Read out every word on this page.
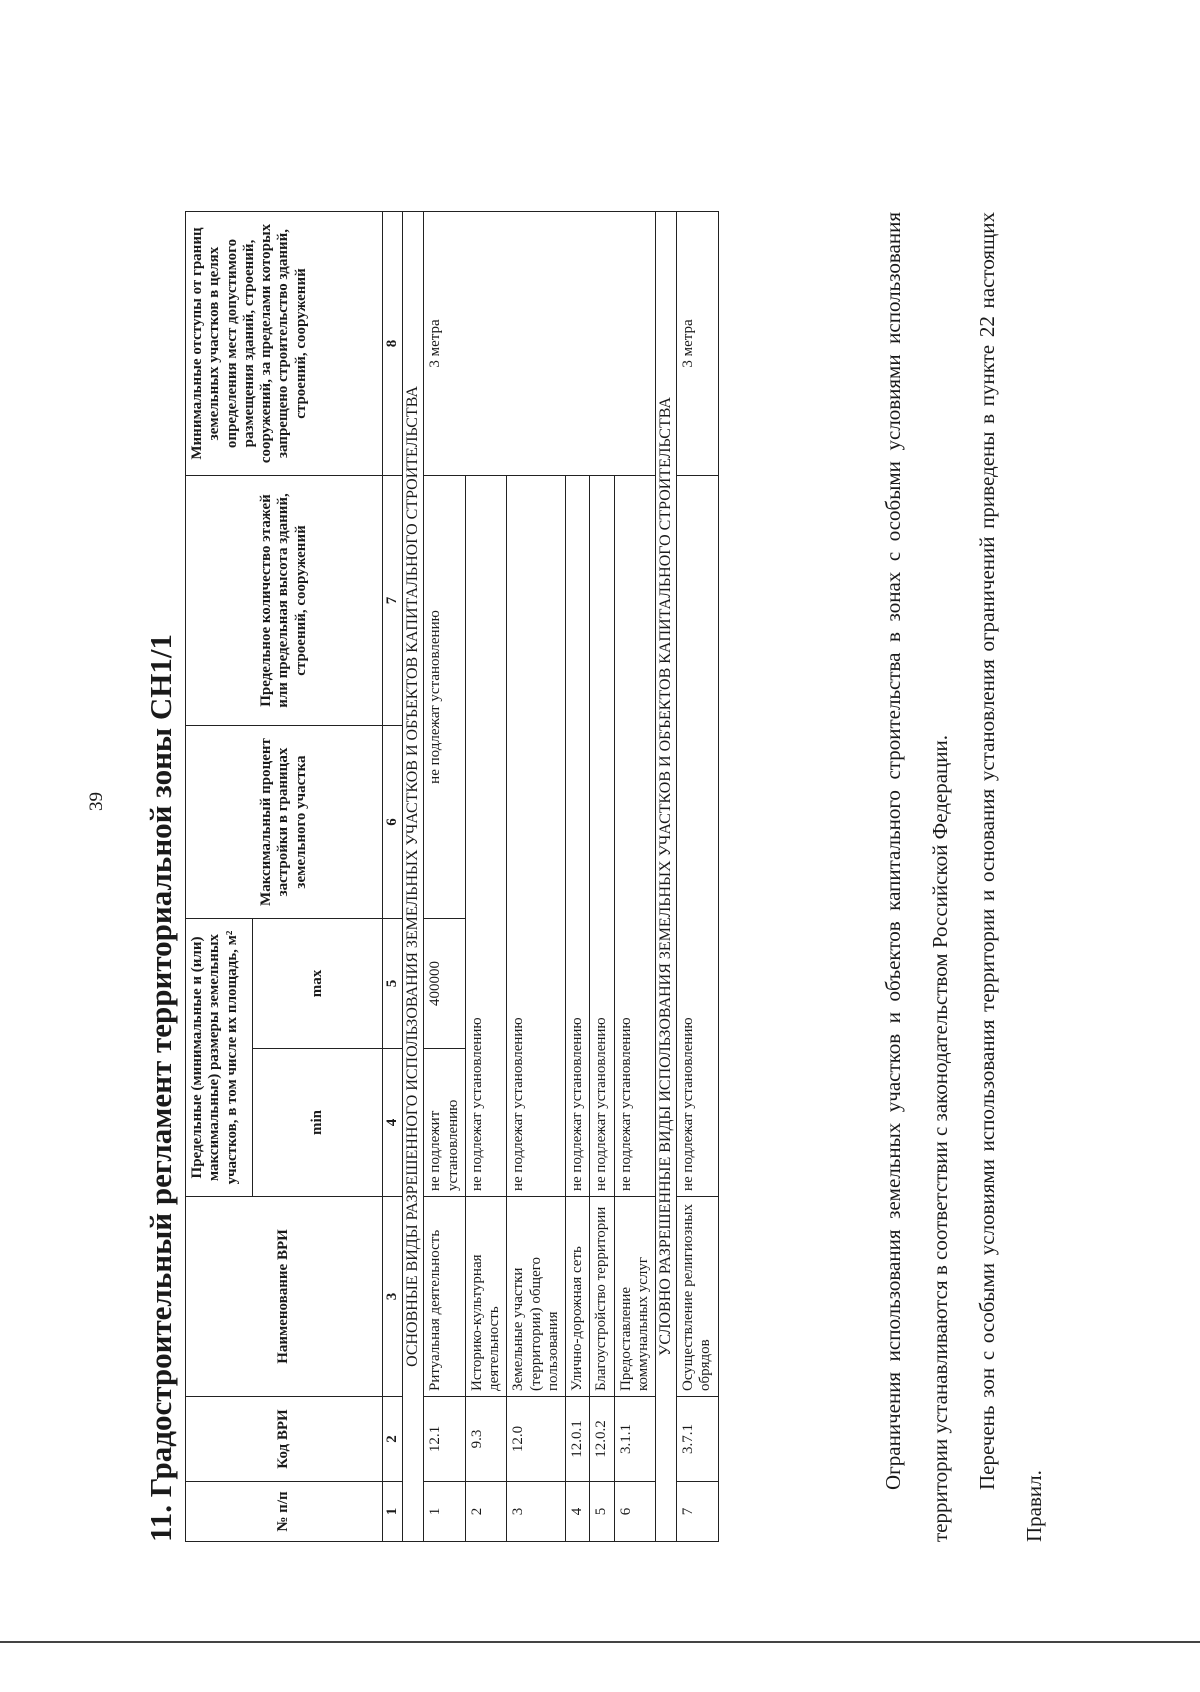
39 11. Градостроительный регламент территориальной зоны СН1/1	№ п/п	Код ВРИ	Наименование ВРИ	Предельные (минимальные и (или) максимальные) размеры земельных участков, в том числе их площадь, м²		Максимальный процент застройки в границах земельного участка	Предельное количество этажей или предельная высота зданий, строений, сооружений	Минимальные отступы от границ земельных участков в целях определения мест допустимого размещения зданий, строений, сооружений, за пределами которых запрещено строительство зданий, строений, сооружений
			min	max			
1	2	3	4	5	6	7	8
ОСНОВНЫЕ ВИДЫ РАЗРЕШЕННОГО ИСПОЛЬЗОВАНИЯ ЗЕМЕЛЬНЫХ УЧАСТКОВ И ОБЪЕКТОВ КАПИТАЛЬНОГО СТРОИТЕЛЬСТВА							
1	12.1	Ритуальная деятельность	не подлежит установлению	400000	не подлежат установлению		3 метра
2	9.3	Историко-культурная деятельность	не подлежат установлению				
3	12.0	Земельные участки (территории) общего пользования	не подлежат установлению				
4	12.0.1	Улично-дорожная сеть	не подлежат установлению				
5	12.0.2	Благоустройство территории	не подлежат установлению				
6	3.1.1	Предоставление коммунальных услуг	не подлежат установлению				
УСЛОВНО РАЗРЕШЕННЫЕ ВИДЫ ИСПОЛЬЗОВАНИЯ ЗЕМЕЛЬНЫХ УЧАСТКОВ И ОБЪЕКТОВ КАПИТАЛЬНОГО СТРОИТЕЛЬСТВА							
7	3.7.1	Осуществление религиозных обрядов	не подлежат установлению				3 метра	Ограничения использования земельных участков и объектов капитального строительства в зонах с особыми условиями использования территории устанавливаются в соответствии с законодательством Российской Федерации.	Перечень зон с особыми условиями использования территории и основания установления ограничений приведены в пункте 22 настоящих Правил.
